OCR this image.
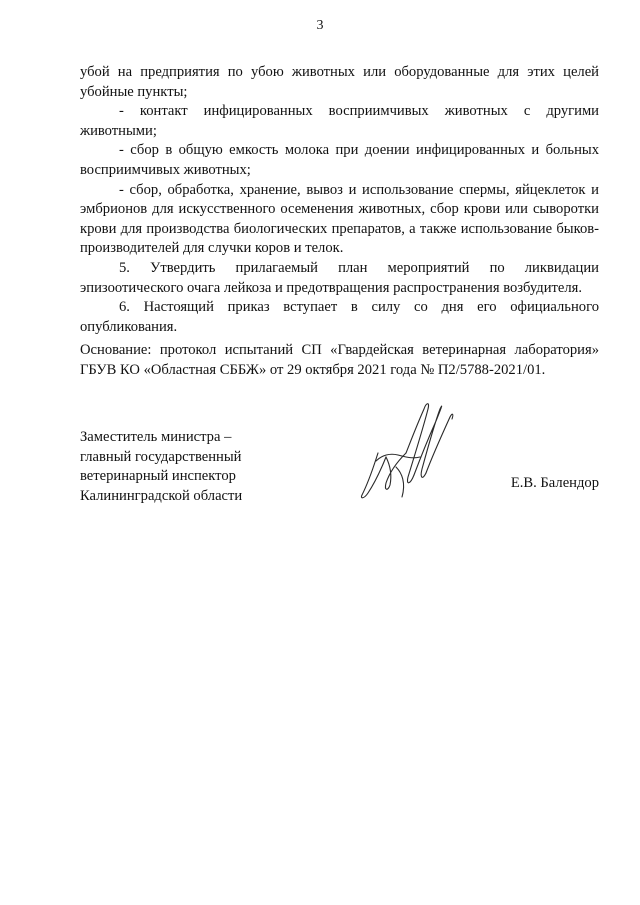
3

убой на предприятия по убою животных или оборудованные для этих целей убойные пункты;

- контакт инфицированных восприимчивых животных с другими животными;

- сбор в общую емкость молока при доении инфицированных и больных восприимчивых животных;

- сбор, обработка, хранение, вывоз и использование спермы, яйцеклеток и эмбрионов для искусственного осеменения животных, сбор крови или сыворотки крови для производства биологических препаратов, а также использование быков-производителей для случки коров и телок.

5. Утвердить прилагаемый план мероприятий по ликвидации эпизоотического очага лейкоза и предотвращения распространения возбудителя.

6. Настоящий приказ вступает в силу со дня его официального опубликования.

Основание: протокол испытаний СП «Гвардейская ветеринарная лаборатория» ГБУВ КО «Областная СББЖ» от 29 октября 2021 года № П2/5788-2021/01.
Заместитель министра –
главный государственный
ветеринарный инспектор
Калининградской области
Е.В. Балендор
